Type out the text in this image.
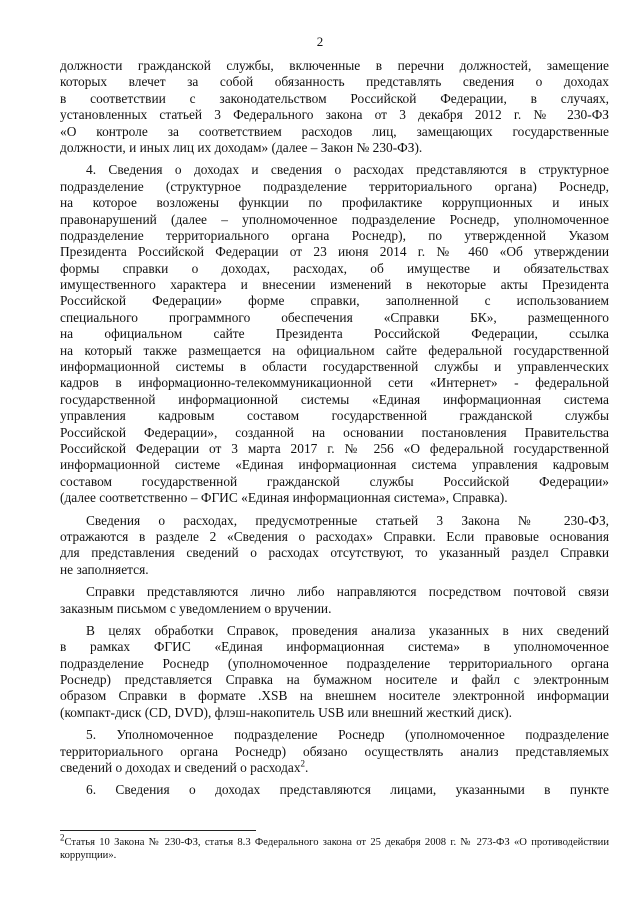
2
должности гражданской службы, включенные в перечни должностей, замещение
которых влечет за собой обязанность представлять сведения о доходах
в соответствии с законодательством Российской Федерации, в случаях,
установленных статьей 3 Федерального закона от 3 декабря 2012 г. № 230-ФЗ
«О контроле за соответствием расходов лиц, замещающих государственные
должности, и иных лиц их доходам» (далее – Закон № 230-ФЗ).
4. Сведения о доходах и сведения о расходах представляются в структурное
подразделение (структурное подразделение территориального органа) Роснедр,
на которое возложены функции по профилактике коррупционных и иных
правонарушений (далее – уполномоченное подразделение Роснедр, уполномоченное
подразделение территориального органа Роснедр), по утвержденной Указом
Президента Российской Федерации от 23 июня 2014 г. № 460 «Об утверждении
формы справки о доходах, расходах, об имуществе и обязательствах
имущественного характера и внесении изменений в некоторые акты Президента
Российской Федерации» форме справки, заполненной с использованием
специального программного обеспечения «Справки БК», размещенного
на официальном сайте Президента Российской Федерации, ссылка
на который также размещается на официальном сайте федеральной государственной
информационной системы в области государственной службы и управленческих
кадров в информационно-телекоммуникационной сети «Интернет» - федеральной
государственной информационной системы «Единая информационная система
управления кадровым составом государственной гражданской службы
Российской Федерации», созданной на основании постановления Правительства
Российской Федерации от 3 марта 2017 г. № 256 «О федеральной государственной
информационной системе «Единая информационная система управления кадровым
составом государственной гражданской службы Российской Федерации»
(далее соответственно – ФГИС «Единая информационная система», Справка).
Сведения о расходах, предусмотренные статьей 3 Закона № 230-ФЗ,
отражаются в разделе 2 «Сведения о расходах» Справки. Если правовые основания
для представления сведений о расходах отсутствуют, то указанный раздел Справки
не заполняется.
Справки представляются лично либо направляются посредством почтовой связи
заказным письмом с уведомлением о вручении.
В целях обработки Справок, проведения анализа указанных в них сведений
в рамках ФГИС «Единая информационная система» в уполномоченное
подразделение Роснедр (уполномоченное подразделение территориального органа
Роснедр) представляется Справка на бумажном носителе и файл с электронным
образом Справки в формате .XSB на внешнем носителе электронной информации
(компакт-диск (CD, DVD), флэш-накопитель USB или внешний жесткий диск).
5. Уполномоченное подразделение Роснедр (уполномоченное подразделение
территориального органа Роснедр) обязано осуществлять анализ представляемых
сведений о доходах и сведений о расходах$^2$.
6. Сведения о доходах представляются лицами, указанными в пункте
$^2$Статья 10 Закона № 230-ФЗ, статья 8.3 Федерального закона от 25 декабря 2008 г. № 273-ФЗ «О противодействии
коррупции».
